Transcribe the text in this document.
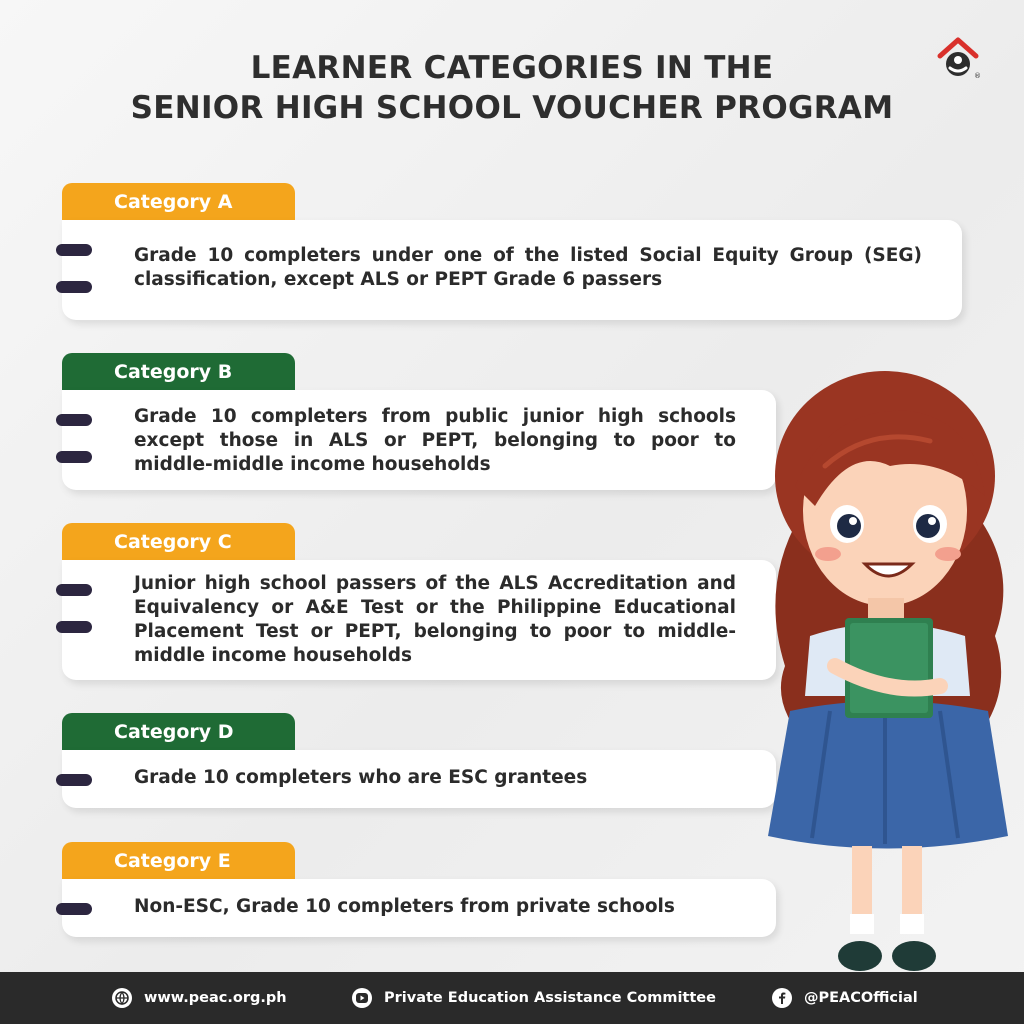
LEARNER CATEGORIES IN THE
SENIOR HIGH SCHOOL VOUCHER PROGRAM
®
Category A
Grade 10 completers under one of the listed Social Equity Group (SEG) classification, except ALS or PEPT Grade 6 passers
Category B
Grade 10 completers from public junior high schools except those in ALS or PEPT, belonging to poor to middle-middle income households
Category C
Junior high school passers of the ALS Accreditation and Equivalency or A&E Test or the Philippine Educational Placement Test or PEPT, belonging to poor to middle-middle income households
Category D
Grade 10 completers who are ESC grantees
Category E
Non-ESC, Grade 10 completers from private schools
www.peac.org.ph	Private Education Assistance Committee	@PEACOfficial
